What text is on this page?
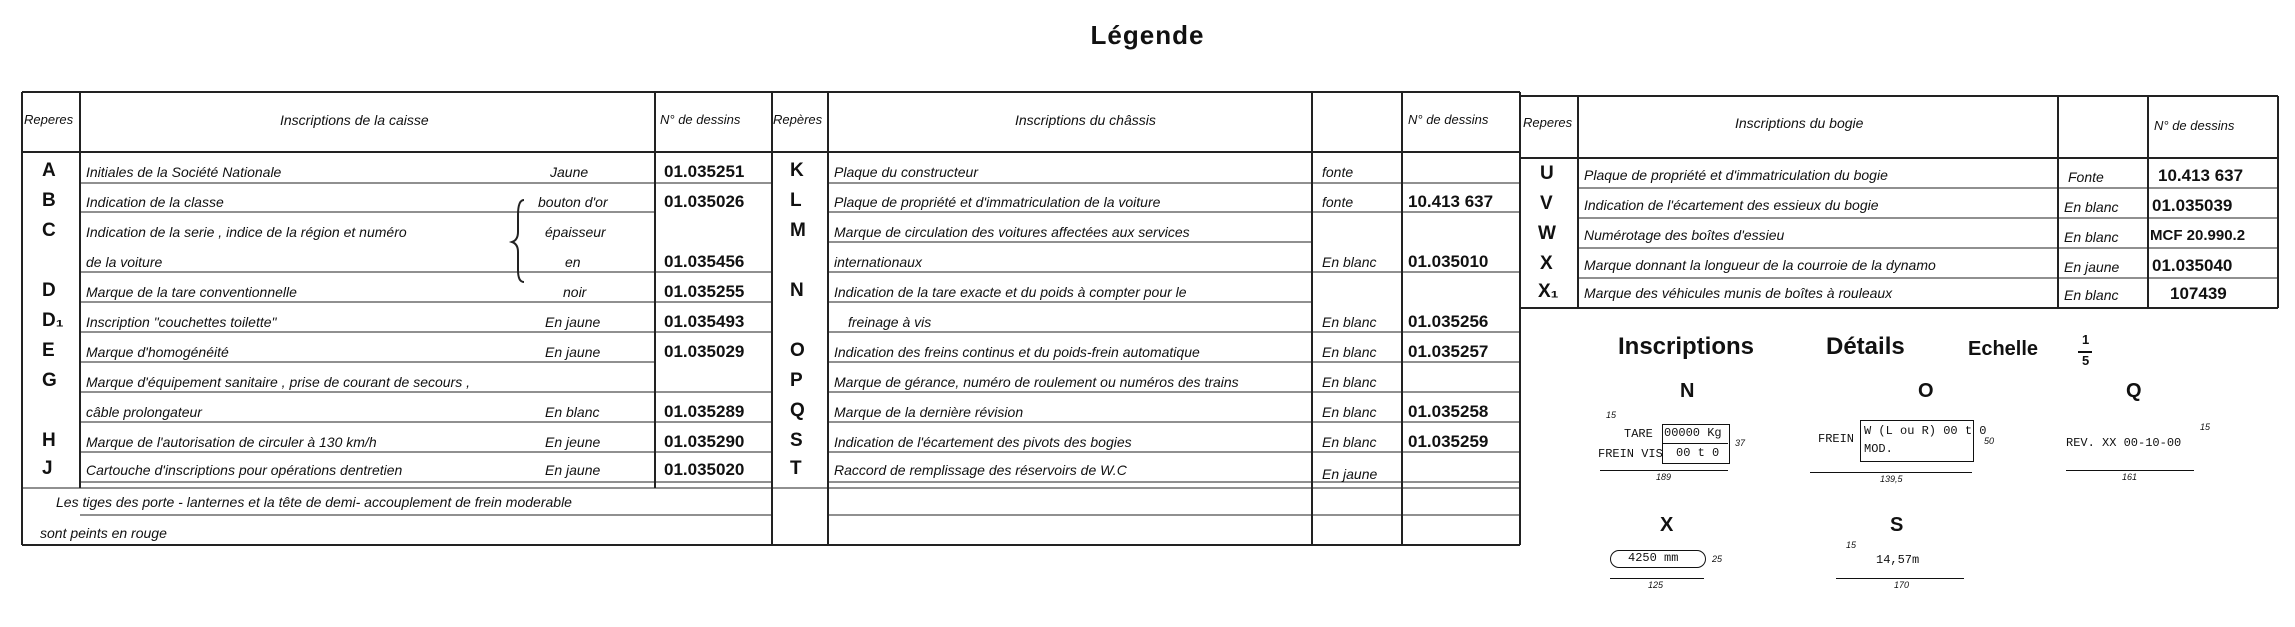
Légende
Reperes	Inscriptions de la caisse	N° de dessins	Repères	Inscriptions du châssis	N° de dessins	Reperes	Inscriptions du bogie	N° de dessins
A Initiales de la Société Nationale	Jaune	01.035251
B Indication de la classe	bouton d'or	01.035026
C Indication de la serie , indice de la région et numéro	épaisseur
de la voiture	en	01.035456
D Marque de la tare conventionnelle	noir	01.035255
D₁ Inscription "couchettes toilette"	En jaune	01.035493
E Marque d'homogénéité	En jaune	01.035029
G Marque d'équipement sanitaire , prise de courant de secours ,
câble prolongateur	En blanc	01.035289
H Marque de l'autorisation de circuler à 130 km/h	En jeune	01.035290
J Cartouche d'inscriptions pour opérations dentretien	En jaune	01.035020
Les tiges des porte - lanternes et la tête de demi- accouplement de frein moderable
sont peints en rouge
K Plaque du constructeur	fonte
L Plaque de propriété et d'immatriculation de la voiture	fonte	10.413 637
M Marque de circulation des voitures affectées aux services
internationaux	En blanc 01.035010
N Indication de la tare exacte et du poids à compter pour le
freinage à vis	En blanc 01.035256
O Indication des freins continus et du poids-frein automatique	En blanc 01.035257
P Marque de gérance, numéro de roulement ou numéros des trains	En blanc
Q Marque de la dernière révision	En blanc 01.035258
S Indication de l'écartement des pivots des bogies	En blanc 01.035259
T Raccord de remplissage des réservoirs de W.C	En jaune
U Plaque de propriété et d'immatriculation du bogie	Fonte	10.413 637
V Indication de l'écartement des essieux du bogie	En blanc 01.035039
W Numérotage des boîtes d'essieu	En blanc MCF 20.990.2
X Marque donnant la longueur de la courroie de la dynamo	En jaune 01.035040
X₁ Marque des véhicules munis de boîtes à rouleaux	En blanc	107439
Inscriptions	Détails	Echelle	1
5
N
TARE 00000 Kg
FREIN VIS 00 t 0
189
15
37
O
FREIN
W (L ou R) 00 t 0
MOD.
139,5
50
Q
REV. XX 00-10-00
161
15
X
4250 mm
125
25
S
14,57m
170
15
